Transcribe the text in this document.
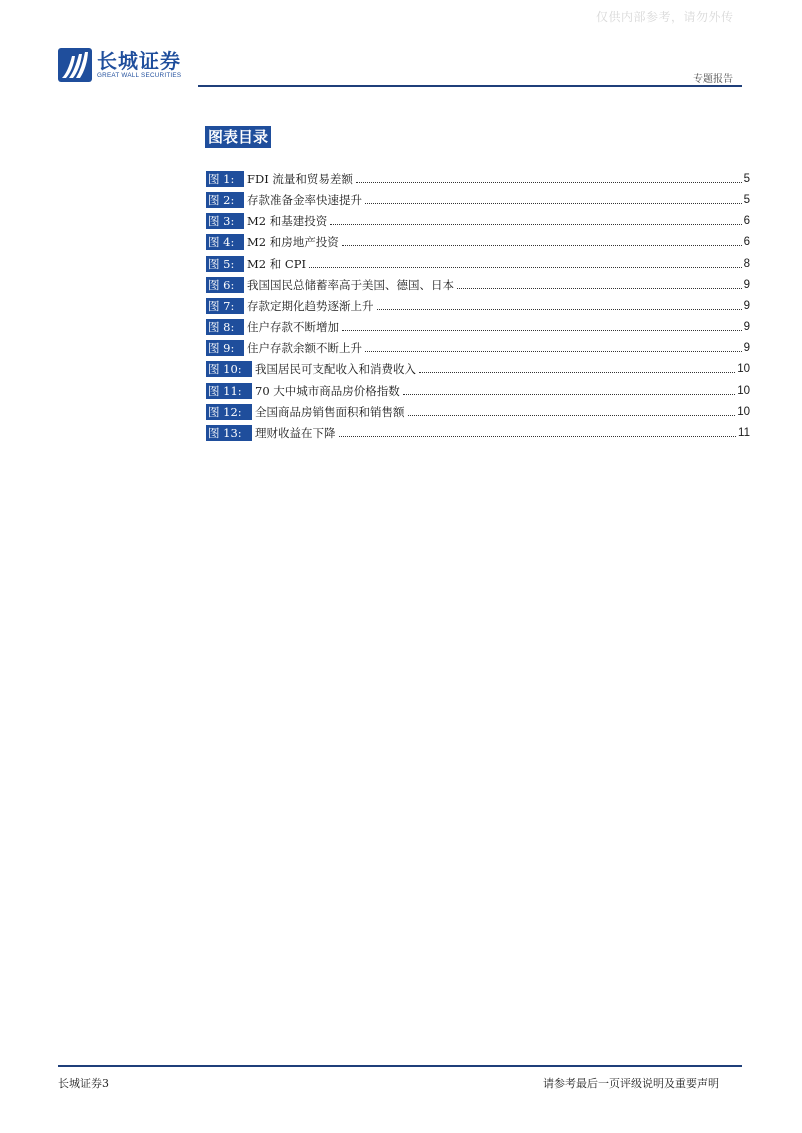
仅供内部参考，请勿外传
长城证券
GREAT WALL SECURITIES	专题报告
图表目录
图 1:	FDI 流量和贸易差额	5
图 2:	存款准备金率快速提升	5
图 3:	M2 和基建投资	6
图 4:	M2 和房地产投资	6
图 5:	M2 和 CPI	8
图 6:	我国国民总储蓄率高于美国、德国、日本	9
图 7:	存款定期化趋势逐渐上升	9
图 8:	住户存款不断增加	9
图 9:	住户存款余额不断上升	9
图 10:	我国居民可支配收入和消费收入	10
图 11:	70 大中城市商品房价格指数	10
图 12:	全国商品房销售面积和销售额	10
图 13:	理财收益在下降	11
长城证券3	请参考最后一页评级说明及重要声明
